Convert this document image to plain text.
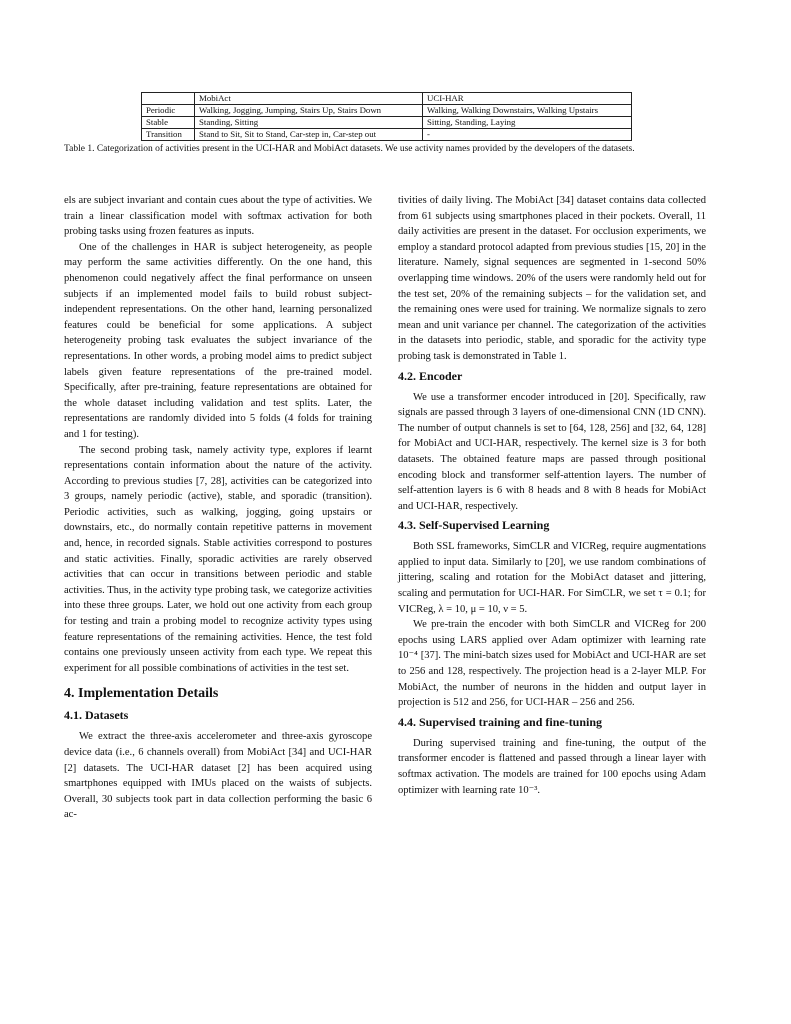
	MobiAct	UCI-HAR
Periodic	Walking, Jogging, Jumping, Stairs Up, Stairs Down	Walking, Walking Downstairs, Walking Upstairs
Stable	Standing, Sitting	Sitting, Standing, Laying
Transition	Stand to Sit, Sit to Stand, Car-step in, Car-step out	-
Table 1. Categorization of activities present in the UCI-HAR and MobiAct datasets. We use activity names provided by the developers of the datasets.

els are subject invariant and contain cues about the type of activities. We train a linear classification model with softmax activation for both probing tasks using frozen features as inputs.

One of the challenges in HAR is subject heterogeneity, as people may perform the same activities differently. On the one hand, this phenomenon could negatively affect the final performance on unseen subjects if an implemented model fails to build robust subject-independent representations. On the other hand, learning personalized features could be beneficial for some applications. A subject heterogeneity probing task evaluates the subject invariance of the representations. In other words, a probing model aims to predict subject labels given feature representations of the pre-trained model. Specifically, after pre-training, feature representations are obtained for the whole dataset including validation and test splits. Later, the representations are randomly divided into 5 folds (4 folds for training and 1 for testing).

The second probing task, namely activity type, explores if learnt representations contain information about the nature of the activity. According to previous studies [7, 28], activities can be categorized into 3 groups, namely periodic (active), stable, and sporadic (transition). Periodic activities, such as walking, jogging, going upstairs or downstairs, etc., do normally contain repetitive patterns in movement and, hence, in recorded signals. Stable activities correspond to postures and static activities. Finally, sporadic activities are rarely observed activities that can occur in transitions between periodic and stable activities. Thus, in the activity type probing task, we categorize activities into these three groups. Later, we hold out one activity from each group for testing and train a probing model to recognize activity types using feature representations of the remaining activities. Hence, the test fold contains one previously unseen activity from each type. We repeat this experiment for all possible combinations of activities in the test set.

4. Implementation Details
4.1. Datasets

We extract the three-axis accelerometer and three-axis gyroscope device data (i.e., 6 channels overall) from MobiAct [34] and UCI-HAR [2] datasets. The UCI-HAR dataset [2] has been acquired using smartphones equipped with IMUs placed on the waists of subjects. Overall, 30 subjects took part in data collection performing the basic 6 ac-

tivities of daily living. The MobiAct [34] dataset contains data collected from 61 subjects using smartphones placed in their pockets. Overall, 11 daily activities are present in the dataset. For occlusion experiments, we employ a standard protocol adapted from previous studies [15, 20] in the literature. Namely, signal sequences are segmented in 1-second 50% overlapping time windows. 20% of the users were randomly held out for the test set, 20% of the remaining subjects – for the validation set, and the remaining ones were used for training. We normalize signals to zero mean and unit variance per channel. The categorization of the activities in the datasets into periodic, stable, and sporadic for the activity type probing task is demonstrated in Table 1.

4.2. Encoder

We use a transformer encoder introduced in [20]. Specifically, raw signals are passed through 3 layers of one-dimensional CNN (1D CNN). The number of output channels is set to [64, 128, 256] and [32, 64, 128] for MobiAct and UCI-HAR, respectively. The kernel size is 3 for both datasets. The obtained feature maps are passed through positional encoding block and transformer self-attention layers. The number of self-attention layers is 6 with 8 heads and 8 with 8 heads for MobiAct and UCI-HAR, respectively.

4.3. Self-Supervised Learning

Both SSL frameworks, SimCLR and VICReg, require augmentations applied to input data. Similarly to [20], we use random combinations of jittering, scaling and rotation for the MobiAct dataset and jittering, scaling and permutation for UCI-HAR. For SimCLR, we set τ = 0.1; for VICReg, λ = 10, μ = 10, ν = 5.

We pre-train the encoder with both SimCLR and VICReg for 200 epochs using LARS applied over Adam optimizer with learning rate 10⁻⁴ [37]. The mini-batch sizes used for MobiAct and UCI-HAR are set to 256 and 128, respectively. The projection head is a 2-layer MLP. For MobiAct, the number of neurons in the hidden and output layer in projection is 512 and 256, for UCI-HAR – 256 and 256.

4.4. Supervised training and fine-tuning

During supervised training and fine-tuning, the output of the transformer encoder is flattened and passed through a linear layer with softmax activation. The models are trained for 100 epochs using Adam optimizer with learning rate 10⁻³.
